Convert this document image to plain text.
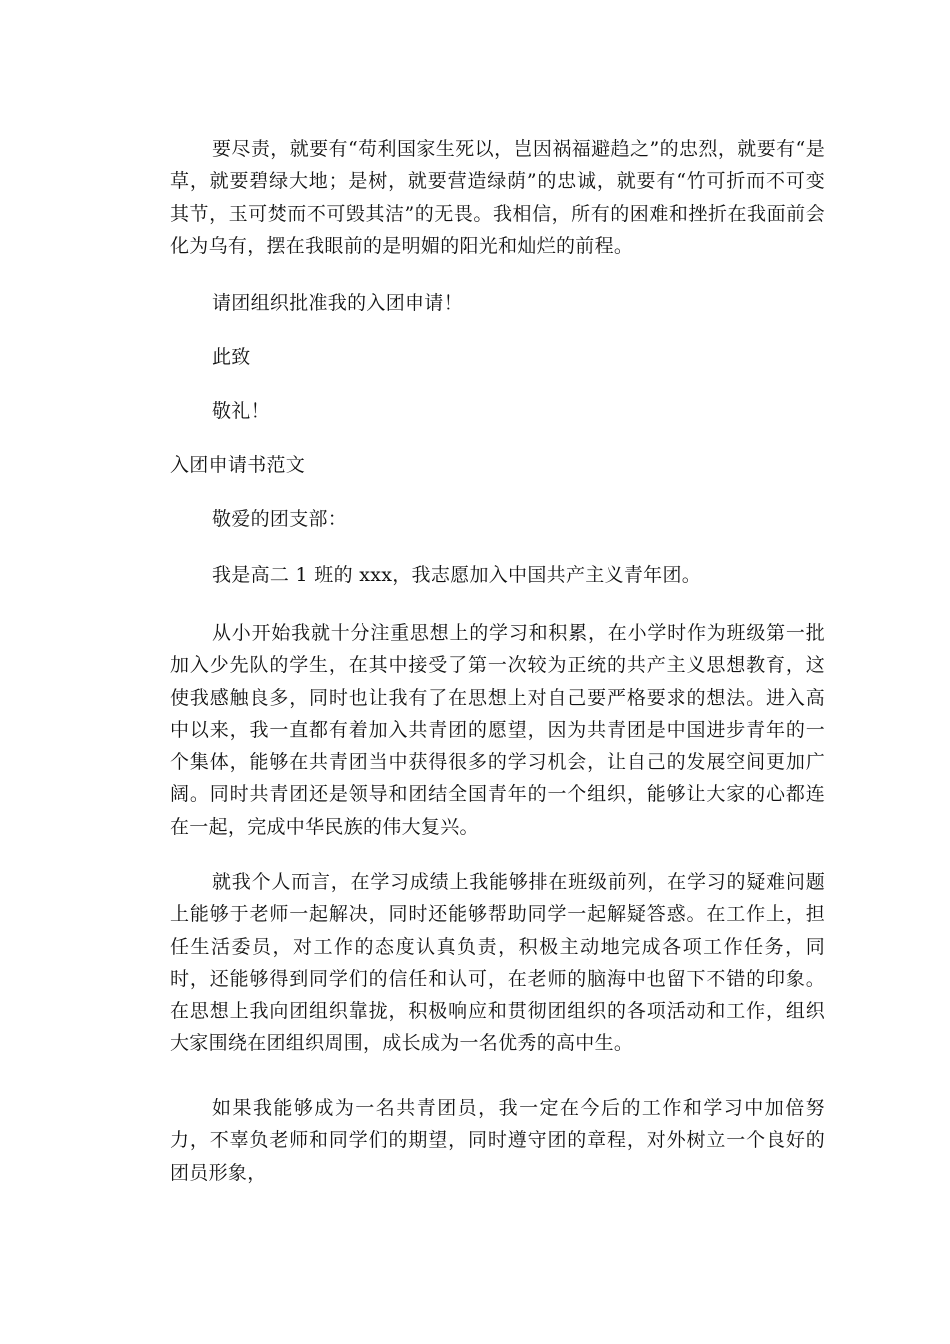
要尽责，就要有“苟利国家生死以，岂因祸福避趋之”的忠烈，就要有“是草，就要碧绿大地；是树，就要营造绿荫”的忠诚，就要有“竹可折而不可变其节，玉可焚而不可毁其洁”的无畏。我相信，所有的困难和挫折在我面前会化为乌有，摆在我眼前的是明媚的阳光和灿烂的前程。

请团组织批准我的入团申请！

此致

敬礼！

入团申请书范文

敬爱的团支部：

我是高二 1 班的 xxx，我志愿加入中国共产主义青年团。

从小开始我就十分注重思想上的学习和积累，在小学时作为班级第一批加入少先队的学生，在其中接受了第一次较为正统的共产主义思想教育，这使我感触良多，同时也让我有了在思想上对自己要严格要求的想法。进入高中以来，我一直都有着加入共青团的愿望，因为共青团是中国进步青年的一个集体，能够在共青团当中获得很多的学习机会，让自己的发展空间更加广阔。同时共青团还是领导和团结全国青年的一个组织，能够让大家的心都连在一起，完成中华民族的伟大复兴。

就我个人而言，在学习成绩上我能够排在班级前列，在学习的疑难问题上能够于老师一起解决，同时还能够帮助同学一起解疑答惑。在工作上，担任生活委员，对工作的态度认真负责，积极主动地完成各项工作任务，同时，还能够得到同学们的信任和认可，在老师的脑海中也留下不错的印象。在思想上我向团组织靠拢，积极响应和贯彻团组织的各项活动和工作，组织大家围绕在团组织周围，成长成为一名优秀的高中生。

如果我能够成为一名共青团员，我一定在今后的工作和学习中加倍努力，不辜负老师和同学们的期望，同时遵守团的章程，对外树立一个良好的团员形象，
